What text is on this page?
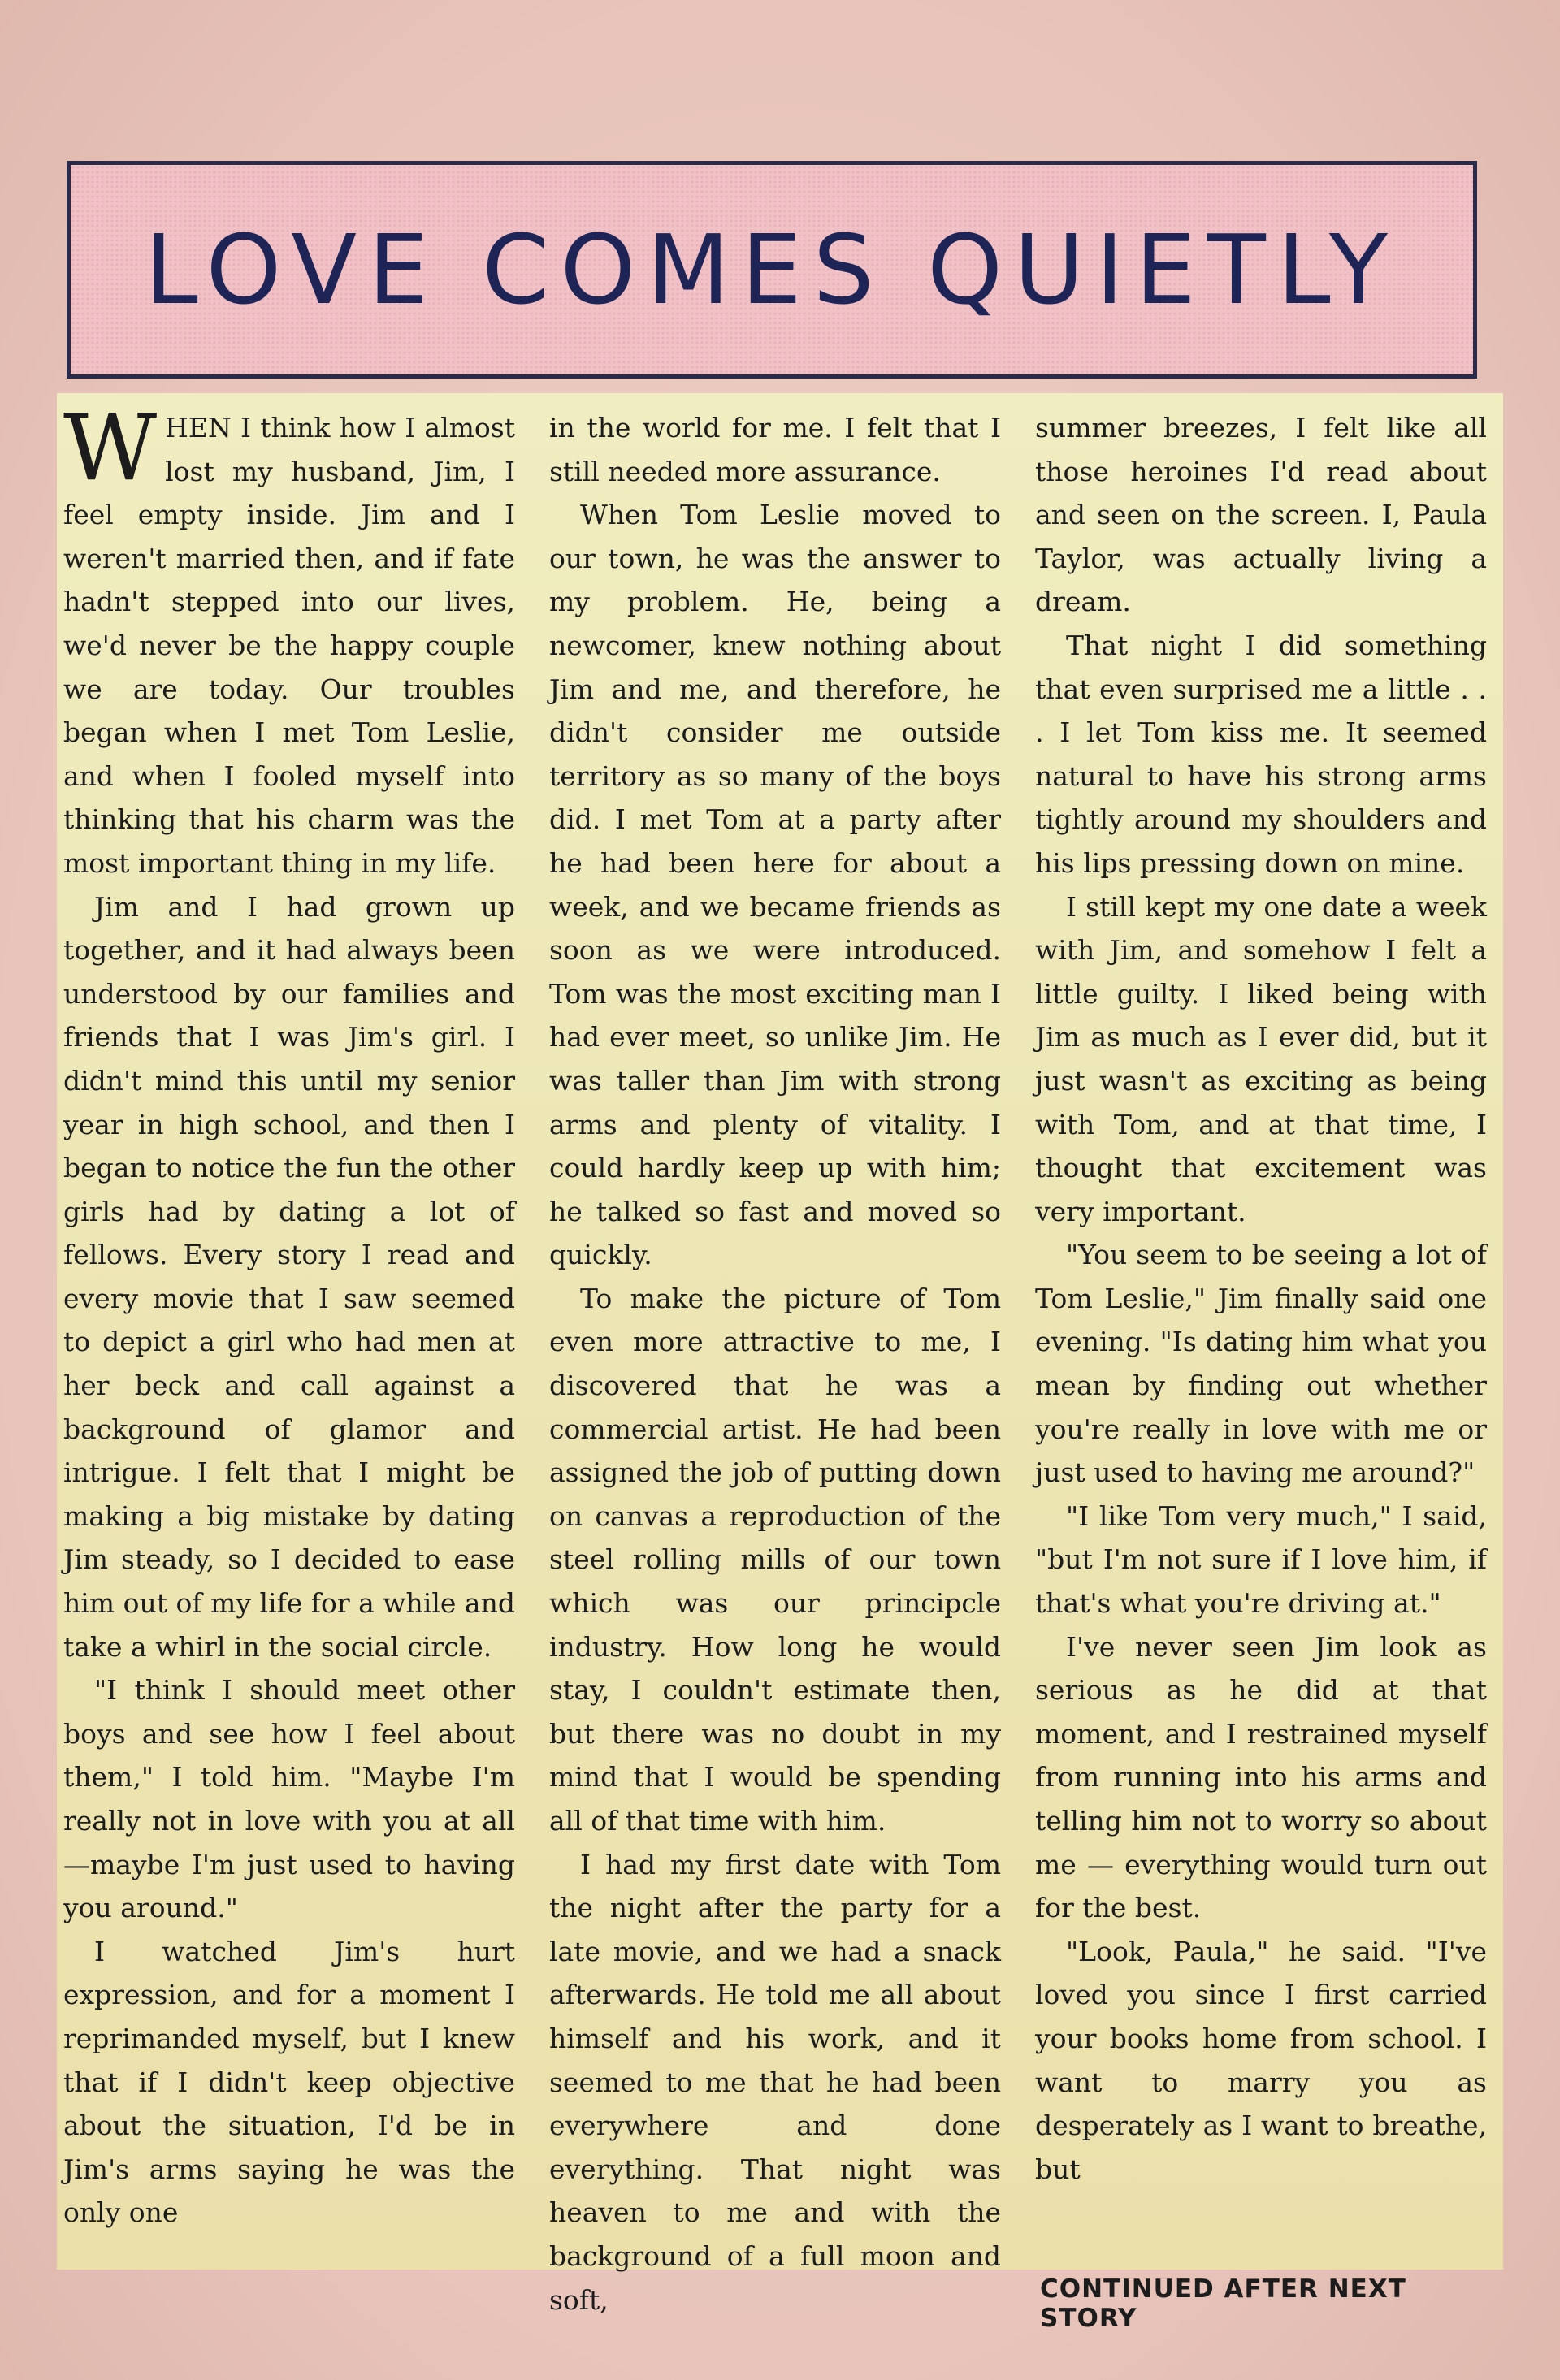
LOVE COMES QUIETLY

WHEN I think how I almost lost my husband, Jim, I feel empty inside. Jim and I weren't married then, and if fate hadn't stepped into our lives, we'd never be the happy couple we are today. Our troubles began when I met Tom Leslie, and when I fooled myself into thinking that his charm was the most important thing in my life.

Jim and I had grown up together, and it had always been understood by our families and friends that I was Jim's girl. I didn't mind this until my senior year in high school, and then I began to notice the fun the other girls had by dating a lot of fellows. Every story I read and every movie that I saw seemed to depict a girl who had men at her beck and call against a background of glamor and intrigue. I felt that I might be making a big mistake by dating Jim steady, so I decided to ease him out of my life for a while and take a whirl in the social circle.

"I think I should meet other boys and see how I feel about them," I told him. "Maybe I'm really not in love with you at all—maybe I'm just used to having you around."

I watched Jim's hurt expression, and for a moment I reprimanded myself, but I knew that if I didn't keep objective about the situation, I'd be in Jim's arms saying he was the only one

in the world for me. I felt that I still needed more assurance.

When Tom Leslie moved to our town, he was the answer to my problem. He, being a newcomer, knew nothing about Jim and me, and therefore, he didn't consider me outside territory as so many of the boys did. I met Tom at a party after he had been here for about a week, and we became friends as soon as we were introduced. Tom was the most exciting man I had ever meet, so unlike Jim. He was taller than Jim with strong arms and plenty of vitality. I could hardly keep up with him; he talked so fast and moved so quickly.

To make the picture of Tom even more attractive to me, I discovered that he was a commercial artist. He had been assigned the job of putting down on canvas a reproduction of the steel rolling mills of our town which was our principcle industry. How long he would stay, I couldn't estimate then, but there was no doubt in my mind that I would be spending all of that time with him.

I had my first date with Tom the night after the party for a late movie, and we had a snack afterwards. He told me all about himself and his work, and it seemed to me that he had been everywhere and done everything. That night was heaven to me and with the background of a full moon and soft,

summer breezes, I felt like all those heroines I'd read about and seen on the screen. I, Paula Taylor, was actually living a dream.

That night I did something that even surprised me a little . . . I let Tom kiss me. It seemed natural to have his strong arms tightly around my shoulders and his lips pressing down on mine.

I still kept my one date a week with Jim, and somehow I felt a little guilty. I liked being with Jim as much as I ever did, but it just wasn't as exciting as being with Tom, and at that time, I thought that excitement was very important.

"You seem to be seeing a lot of Tom Leslie," Jim finally said one evening. "Is dating him what you mean by finding out whether you're really in love with me or just used to having me around?"

"I like Tom very much," I said, "but I'm not sure if I love him, if that's what you're driving at."

I've never seen Jim look as serious as he did at that moment, and I restrained myself from running into his arms and telling him not to worry so about me — everything would turn out for the best.

"Look, Paula," he said. "I've loved you since I first carried your books home from school. I want to marry you as desperately as I want to breathe, but

CONTINUED AFTER NEXT STORY
